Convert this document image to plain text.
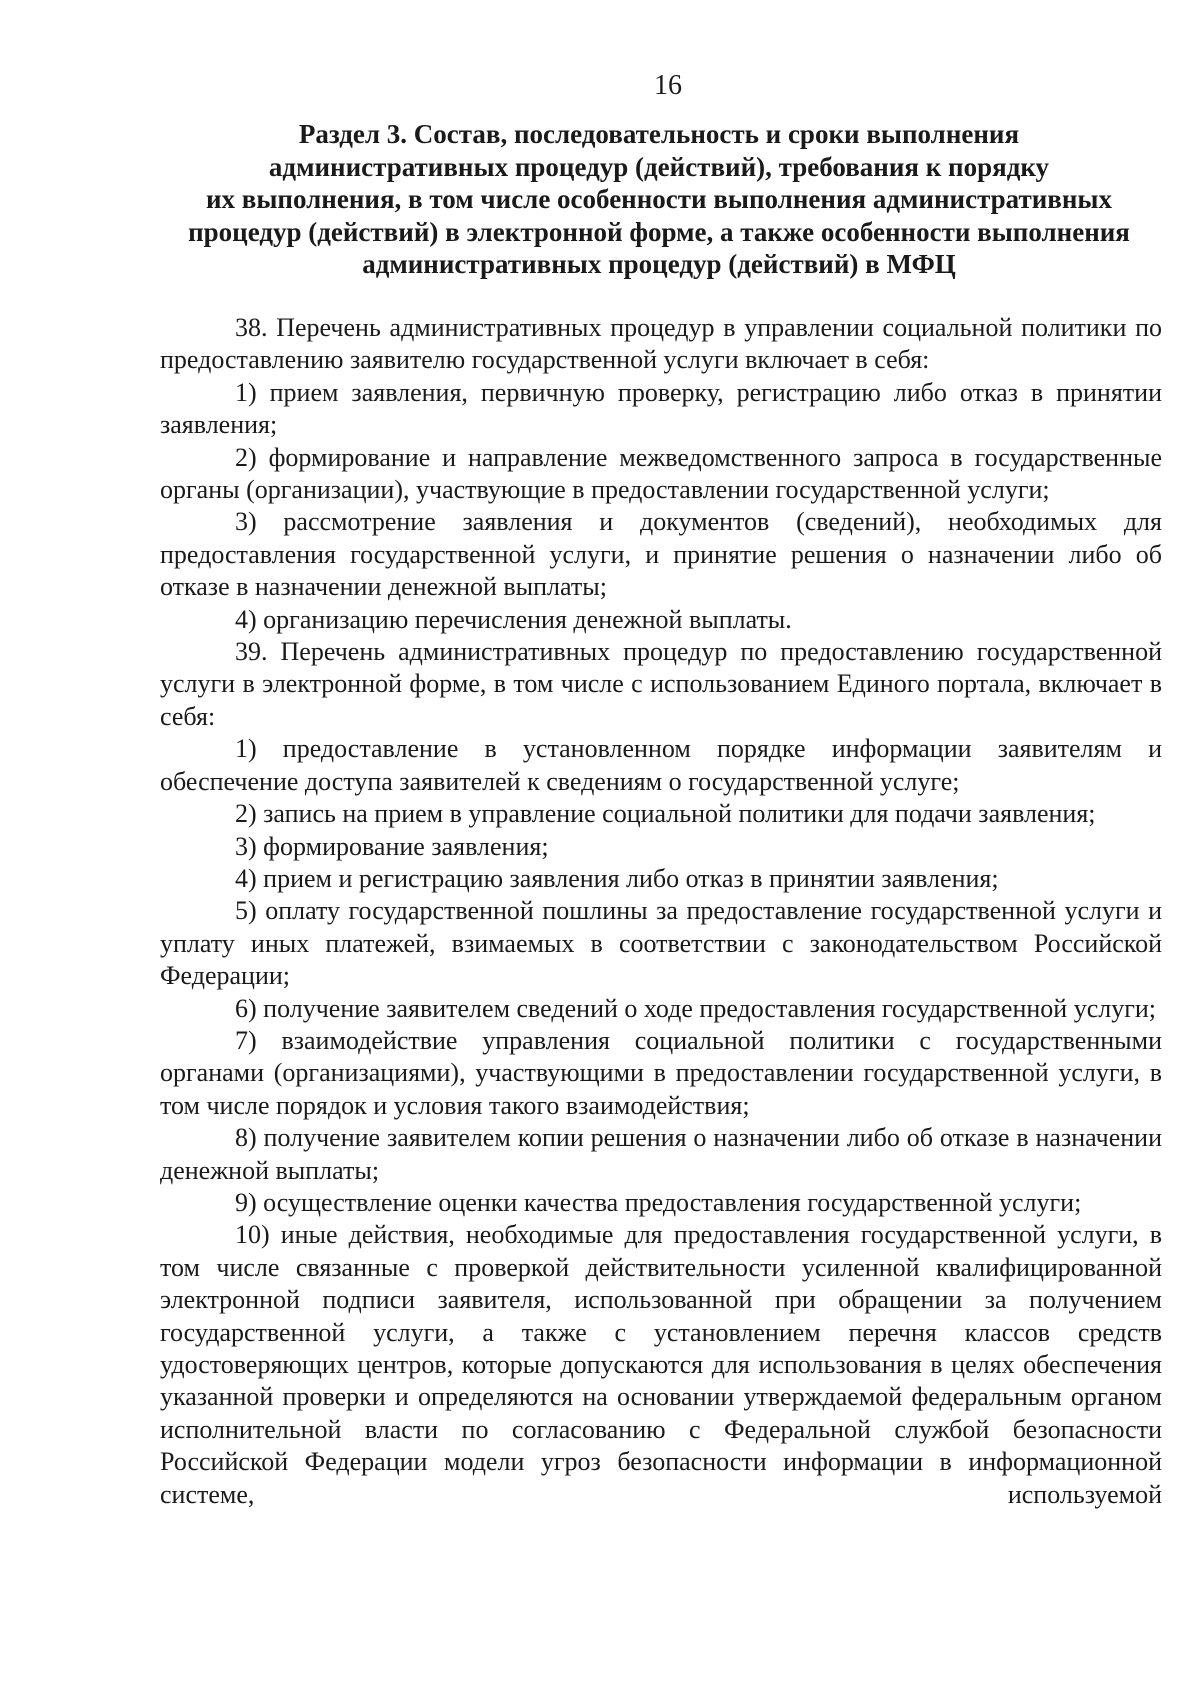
16
Раздел 3. Состав, последовательность и сроки выполнения
административных процедур (действий), требования к порядку
их выполнения, в том числе особенности выполнения административных
процедур (действий) в электронной форме, а также особенности выполнения
административных процедур (действий) в МФЦ

38. Перечень административных процедур в управлении социальной политики по предоставлению заявителю государственной услуги включает в себя:

1) прием заявления, первичную проверку, регистрацию либо отказ в принятии заявления;

2) формирование и направление межведомственного запроса в государственные органы (организации), участвующие в предоставлении государственной услуги;

3) рассмотрение заявления и документов (сведений), необходимых для предоставления государственной услуги, и принятие решения о назначении либо об отказе в назначении денежной выплаты;

4) организацию перечисления денежной выплаты.

39. Перечень административных процедур по предоставлению государственной услуги в электронной форме, в том числе с использованием Единого портала, включает в себя:

1) предоставление в установленном порядке информации заявителям и обеспечение доступа заявителей к сведениям о государственной услуге;

2) запись на прием в управление социальной политики для подачи заявления;

3) формирование заявления;

4) прием и регистрацию заявления либо отказ в принятии заявления;

5) оплату государственной пошлины за предоставление государственной услуги и уплату иных платежей, взимаемых в соответствии с законодательством Российской Федерации;

6) получение заявителем сведений о ходе предоставления государственной услуги;

7) взаимодействие управления социальной политики с государственными органами (организациями), участвующими в предоставлении государственной услуги, в том числе порядок и условия такого взаимодействия;

8) получение заявителем копии решения о назначении либо об отказе в назначении денежной выплаты;

9) осуществление оценки качества предоставления государственной услуги;

10) иные действия, необходимые для предоставления государственной услуги, в том числе связанные с проверкой действительности усиленной квалифицированной электронной подписи заявителя, использованной при обращении за получением государственной услуги, а также с установлением перечня классов средств удостоверяющих центров, которые допускаются для использования в целях обеспечения указанной проверки и определяются на основании утверждаемой федеральным органом исполнительной власти по согласованию с Федеральной службой безопасности Российской Федерации модели угроз безопасности информации в информационной системе, используемой
